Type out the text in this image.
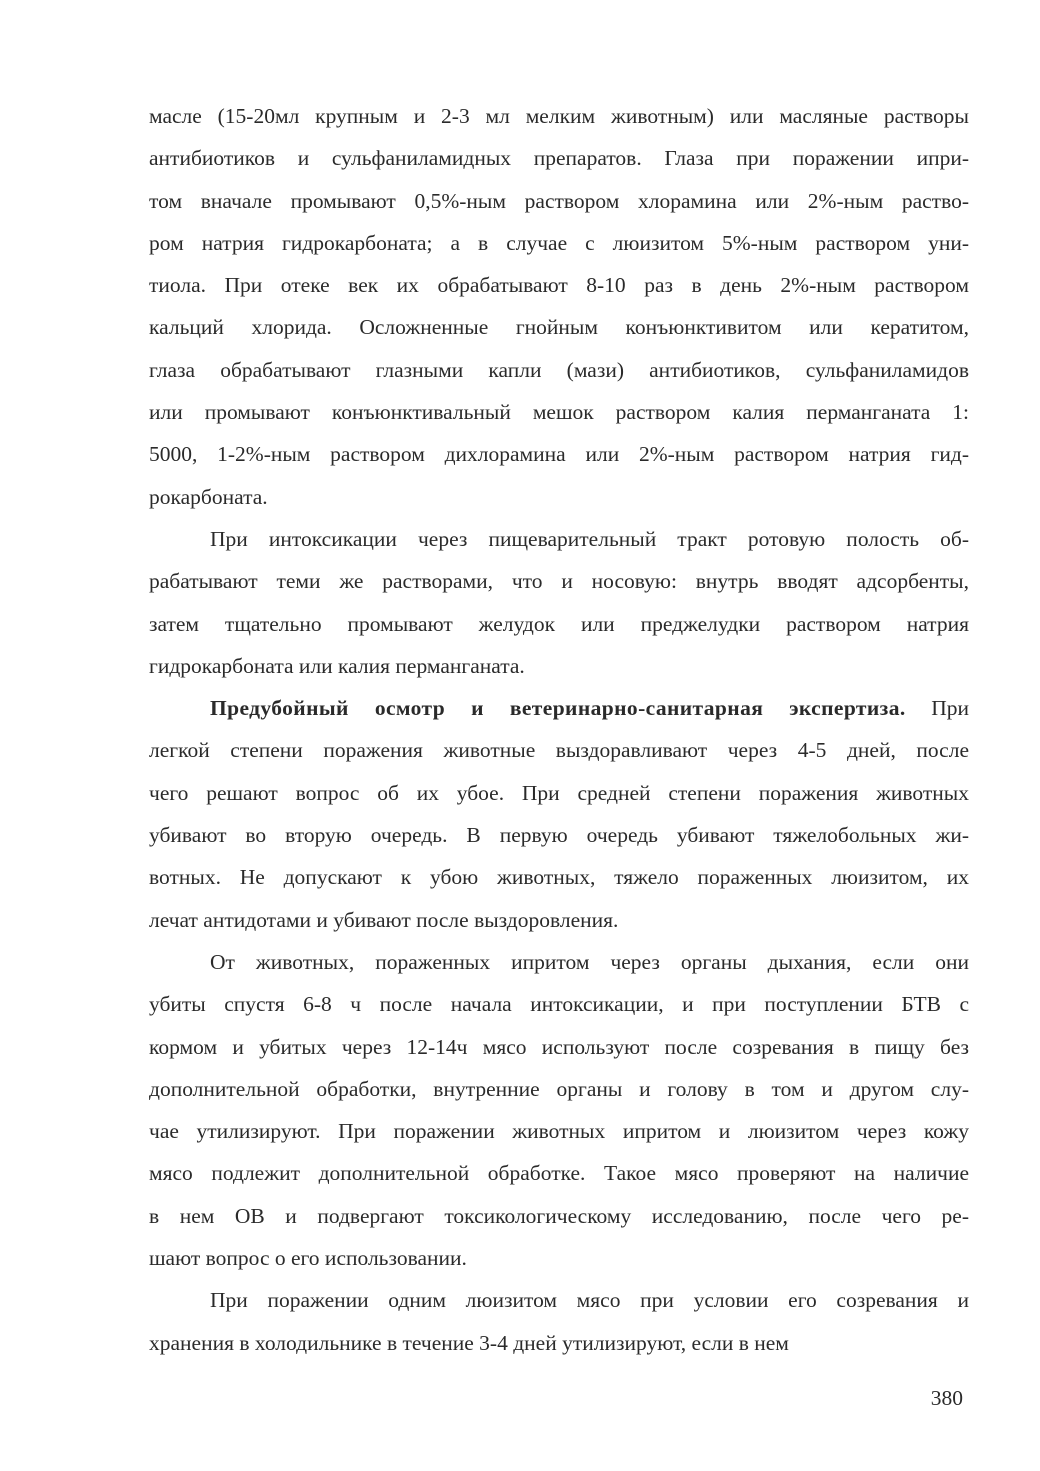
масле (15-20мл крупным и 2-3 мл мелким животным) или масляные растворы
антибиотиков и сульфаниламидных препаратов. Глаза при поражении ипри-
том вначале промывают 0,5%-ным раствором хлорамина или 2%-ным раство-
ром натрия гидрокарбоната; а в случае с люизитом 5%-ным раствором уни-
тиола. При отеке век их обрабатывают 8-10 раз в день 2%-ным раствором
кальций хлорида. Осложненные гнойным конъюнктивитом или кератитом,
глаза обрабатывают глазными капли (мази) антибиотиков, сульфаниламидов
или промывают конъюнктивальный мешок раствором калия перманганата 1:
5000, 1-2%-ным раствором дихлорамина или 2%-ным раствором натрия гид-
рокарбоната.
При интоксикации через пищеварительный тракт ротовую полость об-
рабатывают теми же растворами, что и носовую: внутрь вводят адсорбенты,
затем тщательно промывают желудок или преджелудки раствором натрия
гидрокарбоната или калия перманганата.
Предубойный осмотр и ветеринарно-санитарная экспертиза. При
легкой степени поражения животные выздоравливают через 4-5 дней, после
чего решают вопрос об их убое. При средней степени поражения животных
убивают во вторую очередь. В первую очередь убивают тяжелобольных жи-
вотных. Не допускают к убою животных, тяжело пораженных люизитом, их
лечат антидотами и убивают после выздоровления.
От животных, пораженных ипритом через органы дыхания, если они
убиты спустя 6-8 ч после начала интоксикации, и при поступлении БТВ с
кормом и убитых через 12-14ч мясо используют после созревания в пищу без
дополнительной обработки, внутренние органы и голову в том и другом слу-
чае утилизируют. При поражении животных ипритом и люизитом через кожу
мясо подлежит дополнительной обработке. Такое мясо проверяют на наличие
в нем ОВ и подвергают токсикологическому исследованию, после чего ре-
шают вопрос о его использовании.
При поражении одним люизитом мясо при условии его созревания и
хранения в холодильнике в течение 3-4 дней утилизируют, если в нем
380
